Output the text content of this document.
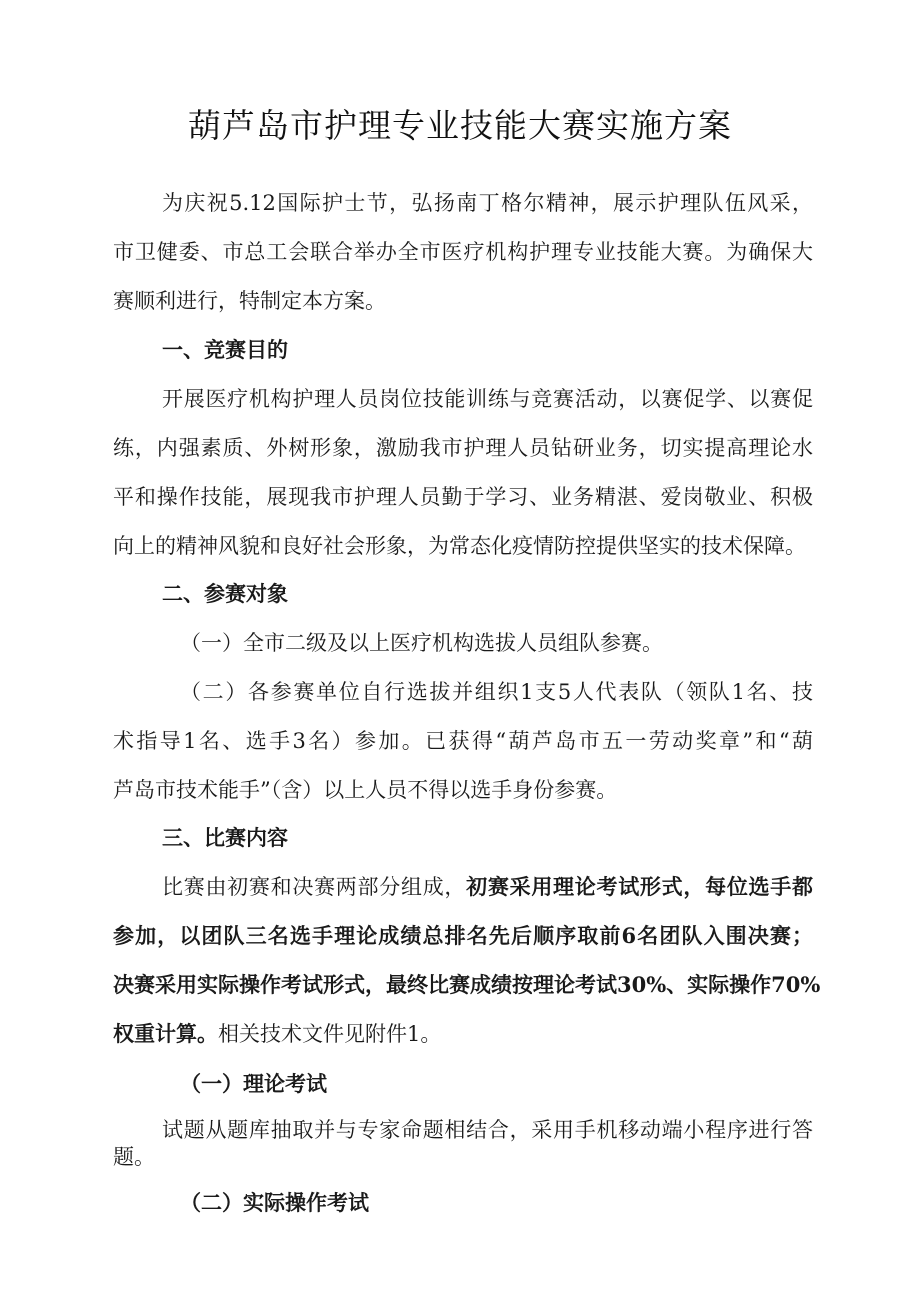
葫芦岛市护理专业技能大赛实施方案
为庆祝5.12国际护士节，弘扬南丁格尔精神，展示护理队伍风采，
市卫健委、市总工会联合举办全市医疗机构护理专业技能大赛。为确保大
赛顺利进行，特制定本方案。
一、竞赛目的
开展医疗机构护理人员岗位技能训练与竞赛活动，以赛促学、以赛促
练，内强素质、外树形象，激励我市护理人员钻研业务，切实提高理论水
平和操作技能，展现我市护理人员勤于学习、业务精湛、爱岗敬业、积极
向上的精神风貌和良好社会形象，为常态化疫情防控提供坚实的技术保障。
二、参赛对象
（一）全市二级及以上医疗机构选拔人员组队参赛。
（二）各参赛单位自行选拔并组织1支5人代表队（领队1名、技
术指导1名、选手3名）参加。已获得“葫芦岛市五一劳动奖章”和“葫
芦岛市技术能手”（含）以上人员不得以选手身份参赛。
三、比赛内容
比赛由初赛和决赛两部分组成，初赛采用理论考试形式，每位选手都
参加，以团队三名选手理论成绩总排名先后顺序取前6名团队入围决赛；
决赛采用实际操作考试形式，最终比赛成绩按理论考试30%、实际操作70%
权重计算。相关技术文件见附件1。
（一）理论考试
试题从题库抽取并与专家命题相结合，采用手机移动端小程序进行答
题。
（二）实际操作考试
